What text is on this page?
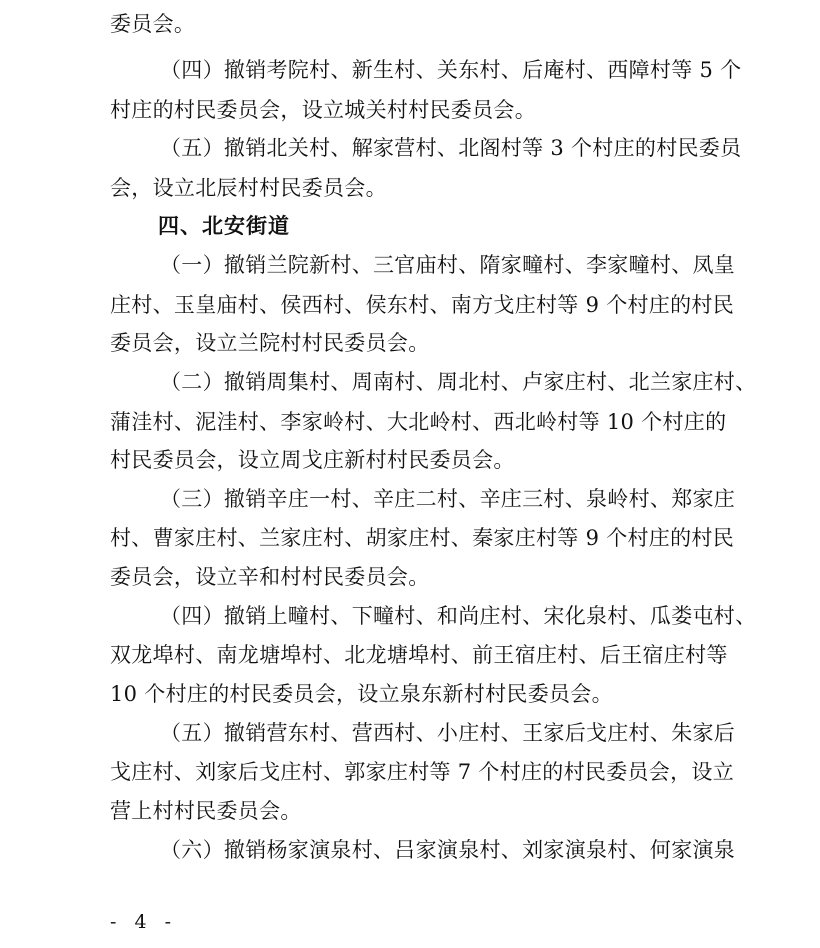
委员会。
（四）撤销考院村、新生村、关东村、后庵村、西障村等 5 个
村庄的村民委员会，设立城关村村民委员会。
（五）撤销北关村、解家营村、北阁村等 3 个村庄的村民委员
会，设立北辰村村民委员会。
四、北安街道
（一）撤销兰院新村、三官庙村、隋家疃村、李家疃村、凤皇
庄村、玉皇庙村、侯西村、侯东村、南方戈庄村等 9 个村庄的村民
委员会，设立兰院村村民委员会。
（二）撤销周集村、周南村、周北村、卢家庄村、北兰家庄村、
蒲洼村、泥洼村、李家岭村、大北岭村、西北岭村等 10 个村庄的
村民委员会，设立周戈庄新村村民委员会。
（三）撤销辛庄一村、辛庄二村、辛庄三村、泉岭村、郑家庄
村、曹家庄村、兰家庄村、胡家庄村、秦家庄村等 9 个村庄的村民
委员会，设立辛和村村民委员会。
（四）撤销上疃村、下疃村、和尚庄村、宋化泉村、瓜娄屯村、
双龙埠村、南龙塘埠村、北龙塘埠村、前王宿庄村、后王宿庄村等
10 个村庄的村民委员会，设立泉东新村村民委员会。
（五）撤销营东村、营西村、小庄村、王家后戈庄村、朱家后
戈庄村、刘家后戈庄村、郭家庄村等 7 个村庄的村民委员会，设立
营上村村民委员会。
（六）撤销杨家演泉村、吕家演泉村、刘家演泉村、何家演泉
- 4 -
